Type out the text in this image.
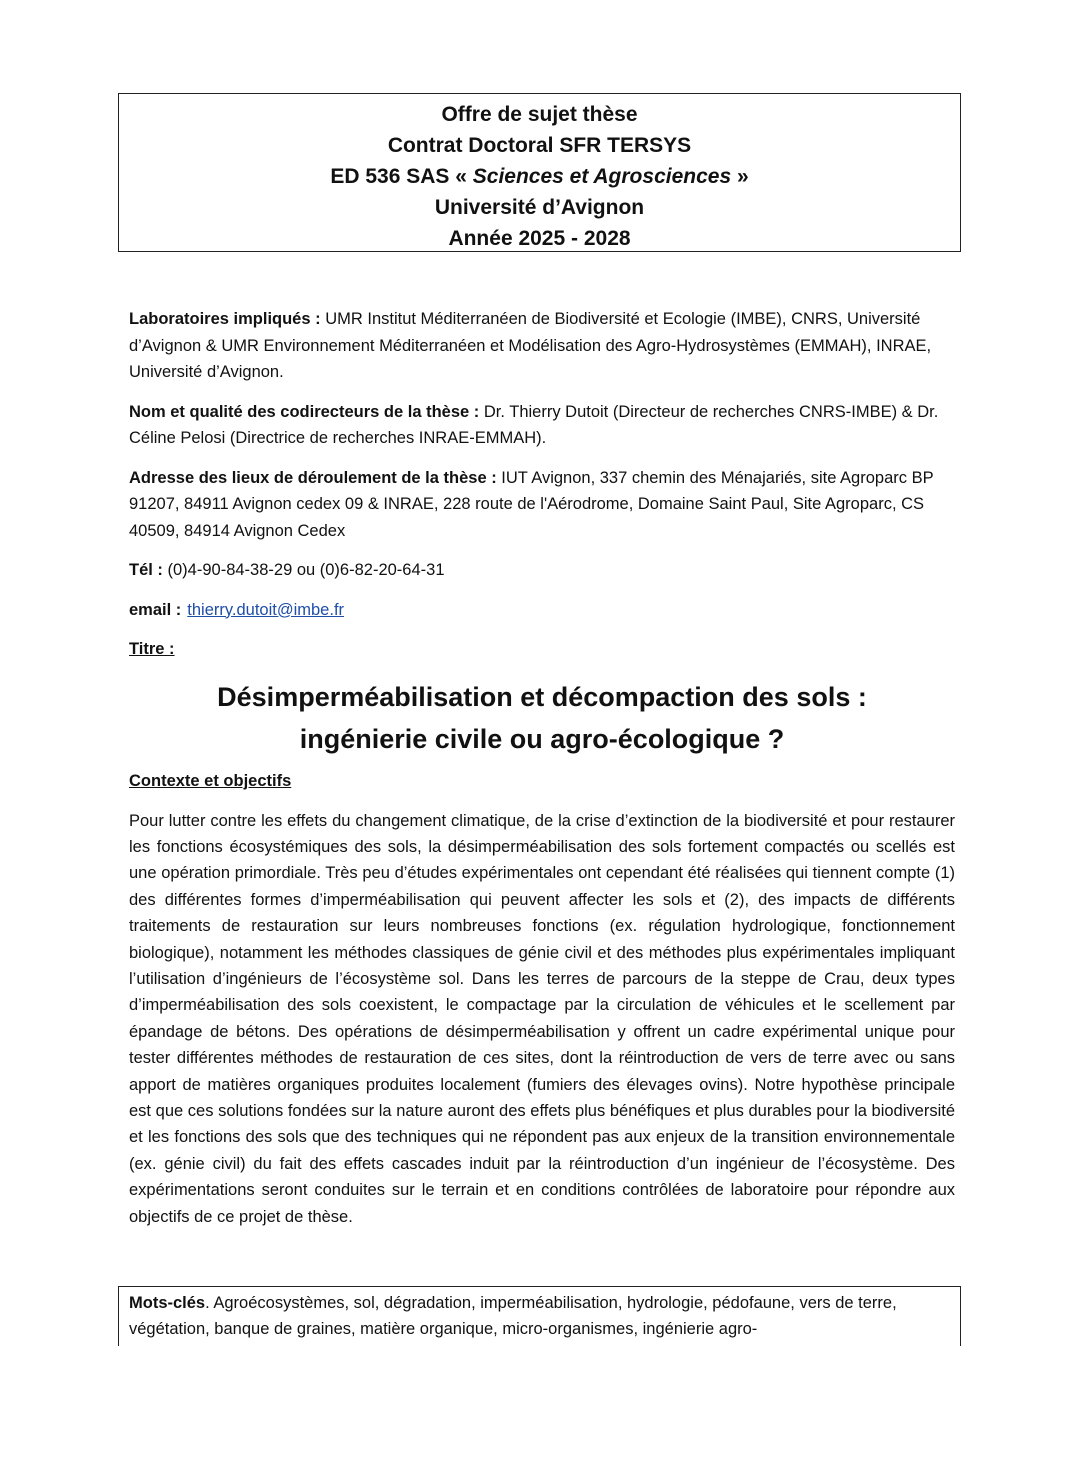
Offre de sujet thèse
Contrat Doctoral SFR TERSYS
ED 536 SAS « Sciences et Agrosciences »
Université d’Avignon
Année 2025 - 2028

Laboratoires impliqués : UMR Institut Méditerranéen de Biodiversité et Ecologie (IMBE), CNRS, Université d’Avignon & UMR Environnement Méditerranéen et Modélisation des Agro-Hydrosystèmes (EMMAH), INRAE, Université d’Avignon.

Nom et qualité des codirecteurs de la thèse : Dr. Thierry Dutoit (Directeur de recherches CNRS-IMBE) & Dr. Céline Pelosi (Directrice de recherches INRAE-EMMAH).

Adresse des lieux de déroulement de la thèse : IUT Avignon, 337 chemin des Ménajariés, site Agroparc BP 91207, 84911 Avignon cedex 09 & INRAE, 228 route de l'Aérodrome, Domaine Saint Paul, Site Agroparc, CS 40509, 84914 Avignon Cedex

Tél : (0)4-90-84-38-29 ou (0)6-82-20-64-31

email : thierry.dutoit@imbe.fr

Titre :

Désimperméabilisation et décompaction des sols :
ingénierie civile ou agro-écologique ?

Contexte et objectifs

Pour lutter contre les effets du changement climatique, de la crise d’extinction de la biodiversité et pour restaurer les fonctions écosystémiques des sols, la désimperméabilisation des sols fortement compactés ou scellés est une opération primordiale. Très peu d’études expérimentales ont cependant été réalisées qui tiennent compte (1) des différentes formes d’imperméabilisation qui peuvent affecter les sols et (2), des impacts de différents traitements de restauration sur leurs nombreuses fonctions (ex. régulation hydrologique, fonctionnement biologique), notamment les méthodes classiques de génie civil et des méthodes plus expérimentales impliquant l’utilisation d’ingénieurs de l’écosystème sol. Dans les terres de parcours de la steppe de Crau, deux types d’imperméabilisation des sols coexistent, le compactage par la circulation de véhicules et le scellement par épandage de bétons. Des opérations de désimperméabilisation y offrent un cadre expérimental unique pour tester différentes méthodes de restauration de ces sites, dont la réintroduction de vers de terre avec ou sans apport de matières organiques produites localement (fumiers des élevages ovins). Notre hypothèse principale est que ces solutions fondées sur la nature auront des effets plus bénéfiques et plus durables pour la biodiversité et les fonctions des sols que des techniques qui ne répondent pas aux enjeux de la transition environnementale (ex. génie civil) du fait des effets cascades induit par la réintroduction d’un ingénieur de l’écosystème. Des expérimentations seront conduites sur le terrain et en conditions contrôlées de laboratoire pour répondre aux objectifs de ce projet de thèse.

Mots-clés. Agroécosystèmes, sol, dégradation, imperméabilisation, hydrologie, pédofaune, vers de terre, végétation, banque de graines, matière organique, micro-organismes, ingénierie agro-
